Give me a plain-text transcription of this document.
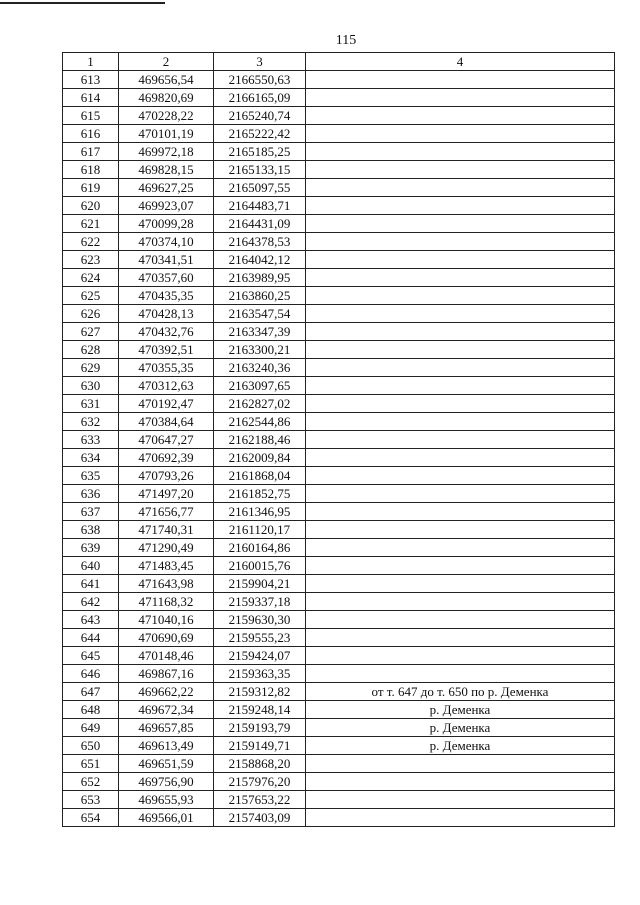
115
1	2	3	4
613	469656,54	2166550,63	
614	469820,69	2166165,09	
615	470228,22	2165240,74	
616	470101,19	2165222,42	
617	469972,18	2165185,25	
618	469828,15	2165133,15	
619	469627,25	2165097,55	
620	469923,07	2164483,71	
621	470099,28	2164431,09	
622	470374,10	2164378,53	
623	470341,51	2164042,12	
624	470357,60	2163989,95	
625	470435,35	2163860,25	
626	470428,13	2163547,54	
627	470432,76	2163347,39	
628	470392,51	2163300,21	
629	470355,35	2163240,36	
630	470312,63	2163097,65	
631	470192,47	2162827,02	
632	470384,64	2162544,86	
633	470647,27	2162188,46	
634	470692,39	2162009,84	
635	470793,26	2161868,04	
636	471497,20	2161852,75	
637	471656,77	2161346,95	
638	471740,31	2161120,17	
639	471290,49	2160164,86	
640	471483,45	2160015,76	
641	471643,98	2159904,21	
642	471168,32	2159337,18	
643	471040,16	2159630,30	
644	470690,69	2159555,23	
645	470148,46	2159424,07	
646	469867,16	2159363,35	
647	469662,22	2159312,82	от т. 647 до т. 650 по р. Деменка
648	469672,34	2159248,14	р. Деменка
649	469657,85	2159193,79	р. Деменка
650	469613,49	2159149,71	р. Деменка
651	469651,59	2158868,20	
652	469756,90	2157976,20	
653	469655,93	2157653,22	
654	469566,01	2157403,09	
